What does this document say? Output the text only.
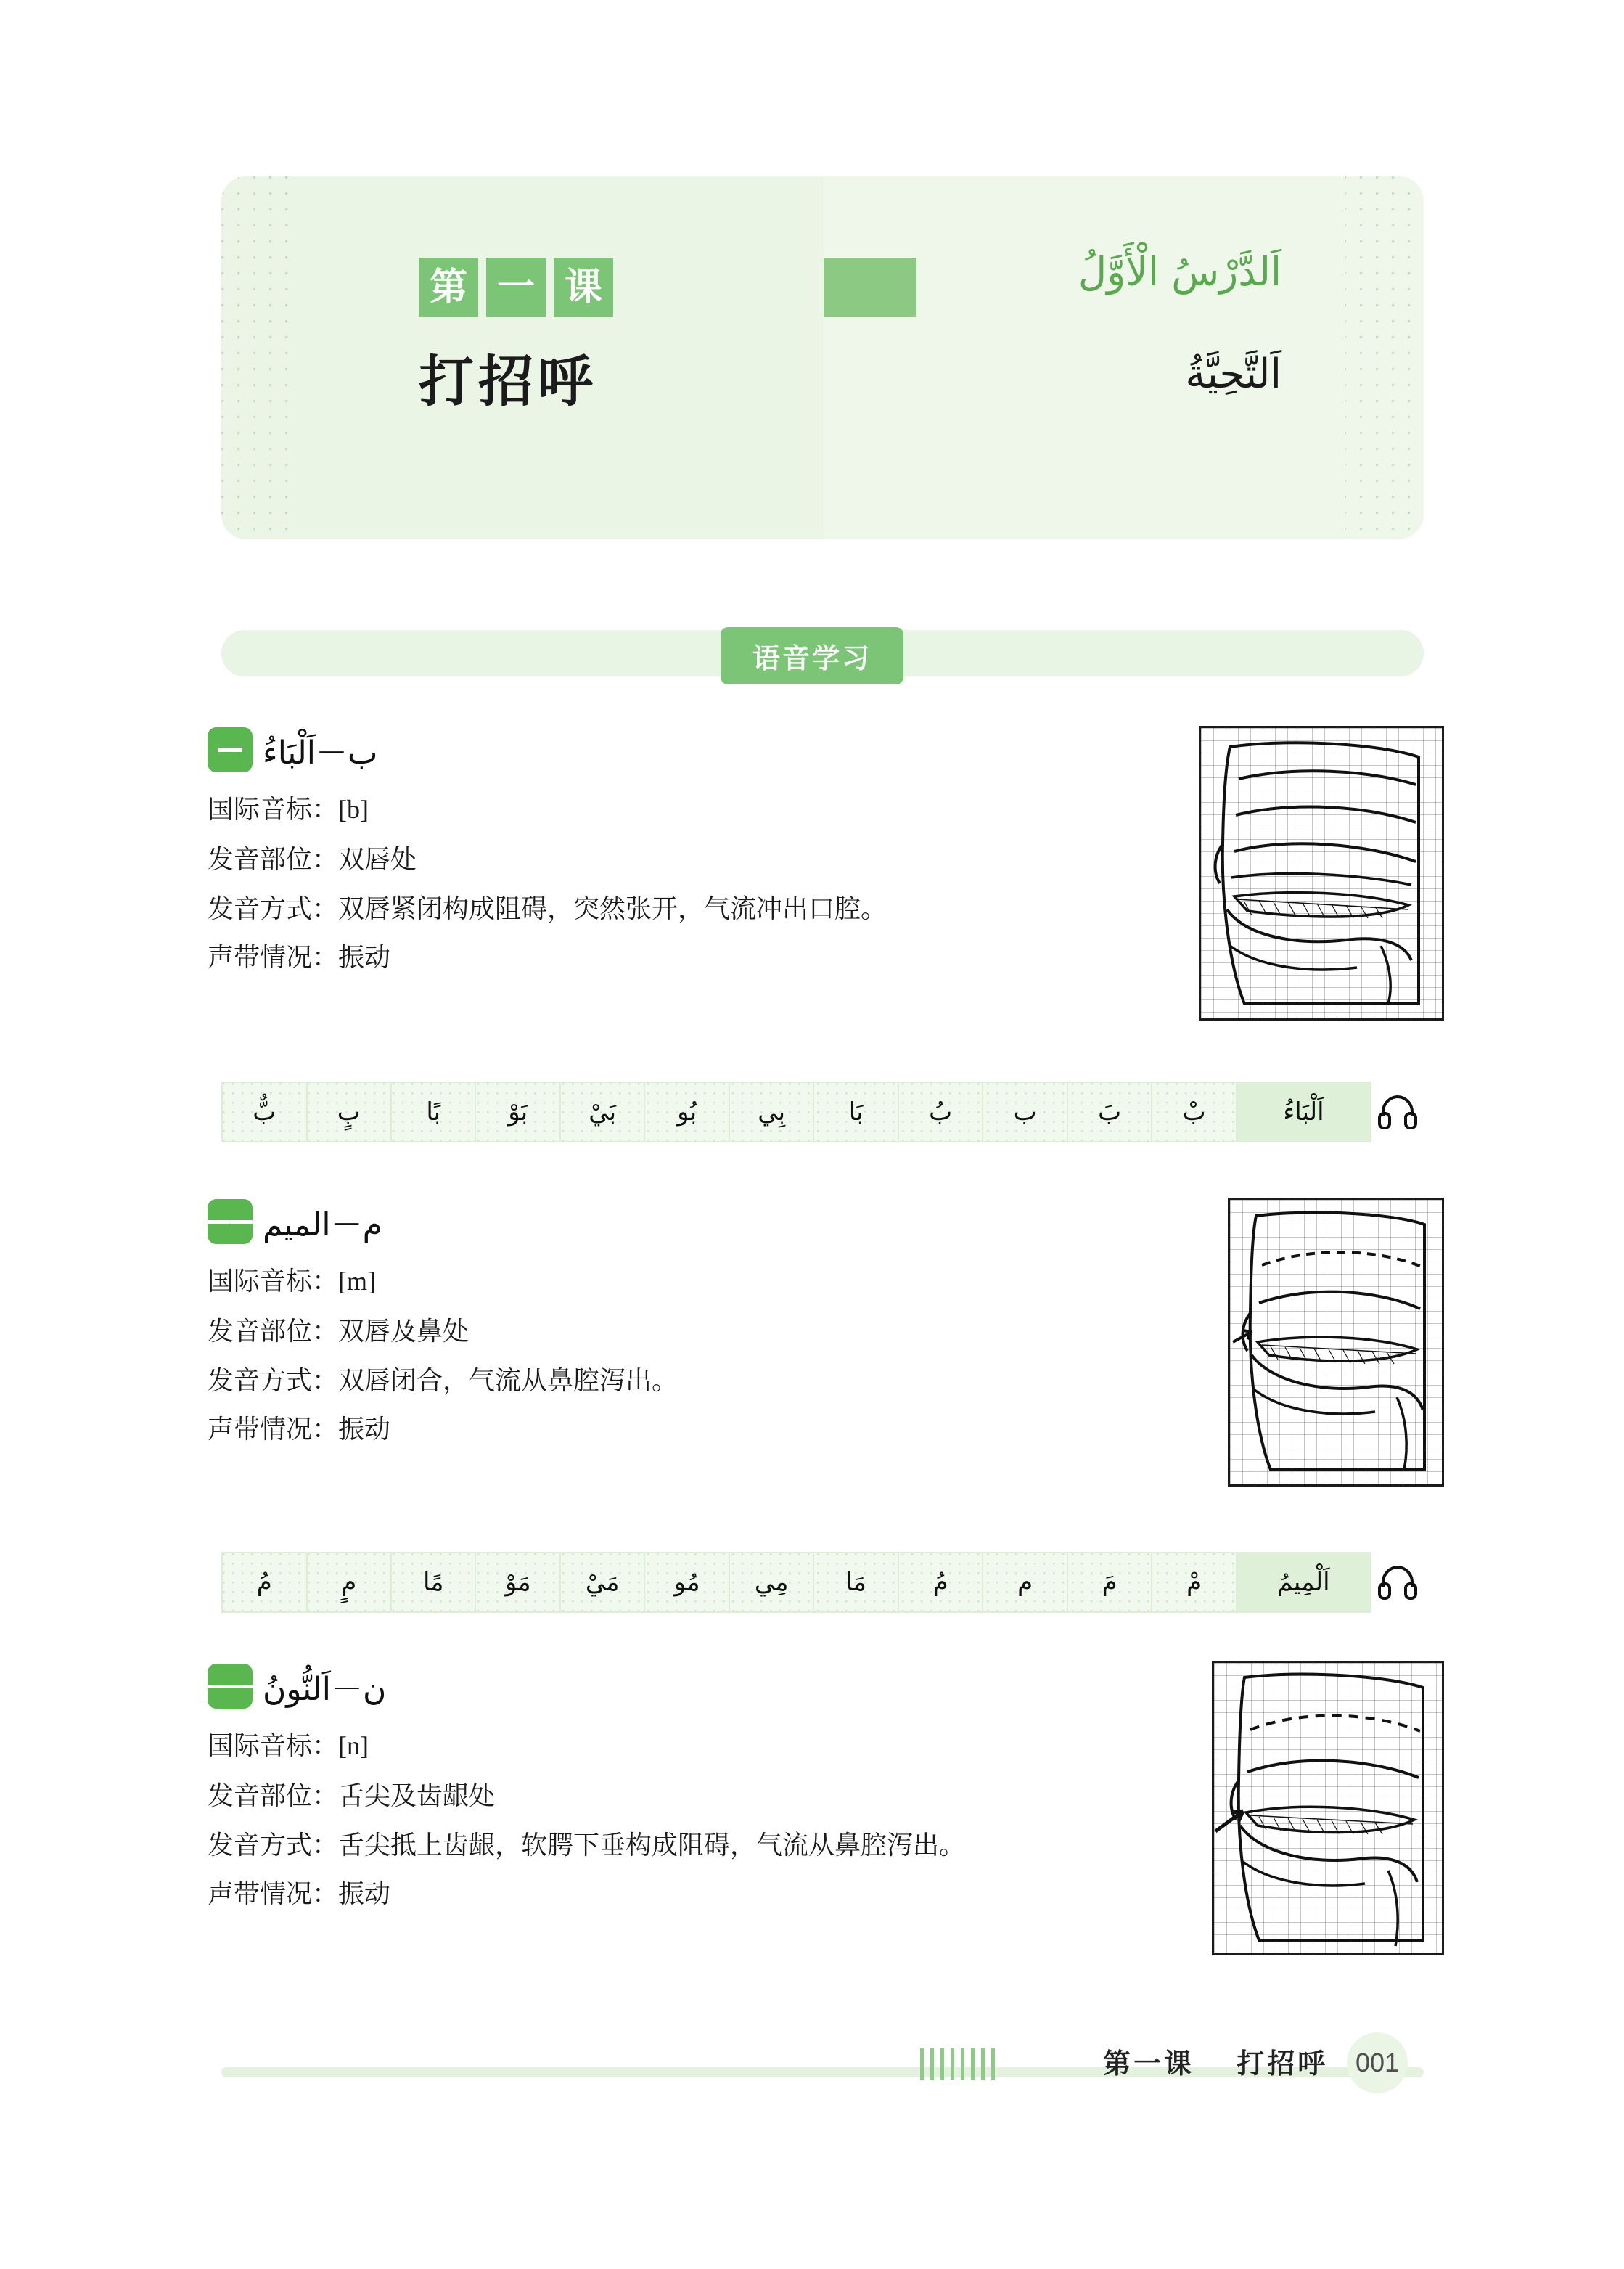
第 一 课
打招呼
اَلدَّرْسُ الْأَوَّلُ
اَلتَّحِيَّةُ
语音学习
ب－اَلْبَاءُ
国际音标：[b]
发音部位：双唇处
发音方式：双唇紧闭构成阻碍，突然张开，气流冲出口腔。
声带情况：振动
اَلْبَاءُ
بْ
بَ
ب
بُ
بَا
بِي
بُو
بَيْ
بَوْ
بًا
بٍ
بٌّ
م－الميم
国际音标：[m]
发音部位：双唇及鼻处
发音方式：双唇闭合，气流从鼻腔泻出。
声带情况：振动
اَلْمِيمُ
مْ
مَ
م
مُ
مَا
مِي
مُو
مَيْ
مَوْ
مًا
مٍ
مُ
ن－اَلنُّونُ
国际音标：[n]
发音部位：舌尖及齿龈处
发音方式：舌尖抵上齿龈，软腭下垂构成阻碍，气流从鼻腔泻出。
声带情况：振动
第一课 打招呼	001
